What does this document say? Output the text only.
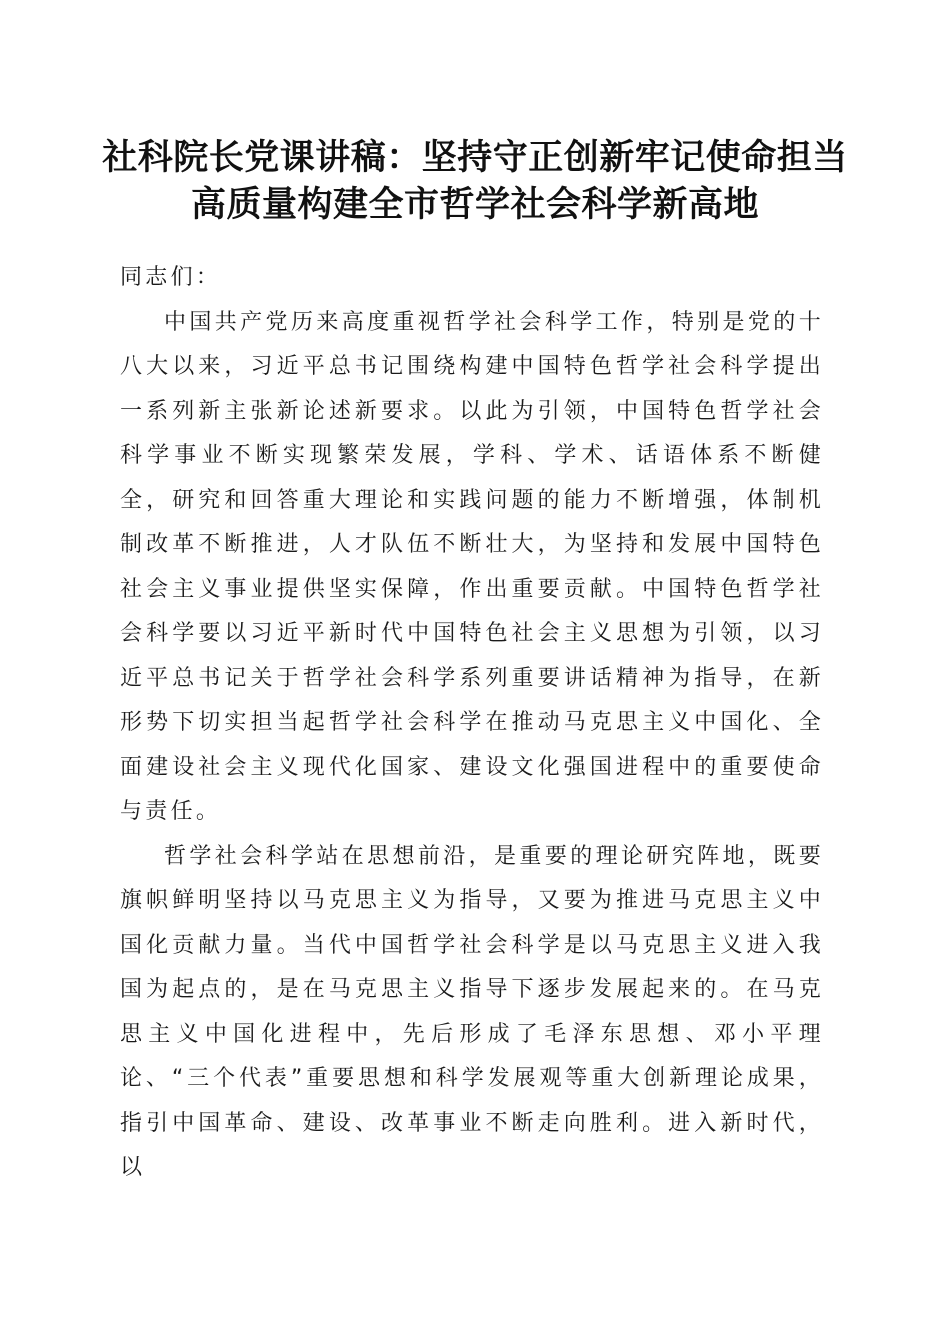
社科院长党课讲稿：坚持守正创新牢记使命担当高质量构建全市哲学社会科学新高地

同志们：

中国共产党历来高度重视哲学社会科学工作，特别是党的十八大以来，习近平总书记围绕构建中国特色哲学社会科学提出一系列新主张新论述新要求。以此为引领，中国特色哲学社会科学事业不断实现繁荣发展，学科、学术、话语体系不断健全，研究和回答重大理论和实践问题的能力不断增强，体制机制改革不断推进，人才队伍不断壮大，为坚持和发展中国特色社会主义事业提供坚实保障，作出重要贡献。中国特色哲学社会科学要以习近平新时代中国特色社会主义思想为引领，以习近平总书记关于哲学社会科学系列重要讲话精神为指导，在新形势下切实担当起哲学社会科学在推动马克思主义中国化、全面建设社会主义现代化国家、建设文化强国进程中的重要使命与责任。

哲学社会科学站在思想前沿，是重要的理论研究阵地，既要旗帜鲜明坚持以马克思主义为指导，又要为推进马克思主义中国化贡献力量。当代中国哲学社会科学是以马克思主义进入我国为起点的，是在马克思主义指导下逐步发展起来的。在马克思主义中国化进程中，先后形成了毛泽东思想、邓小平理论、“三个代表”重要思想和科学发展观等重大创新理论成果，指引中国革命、建设、改革事业不断走向胜利。进入新时代，以
